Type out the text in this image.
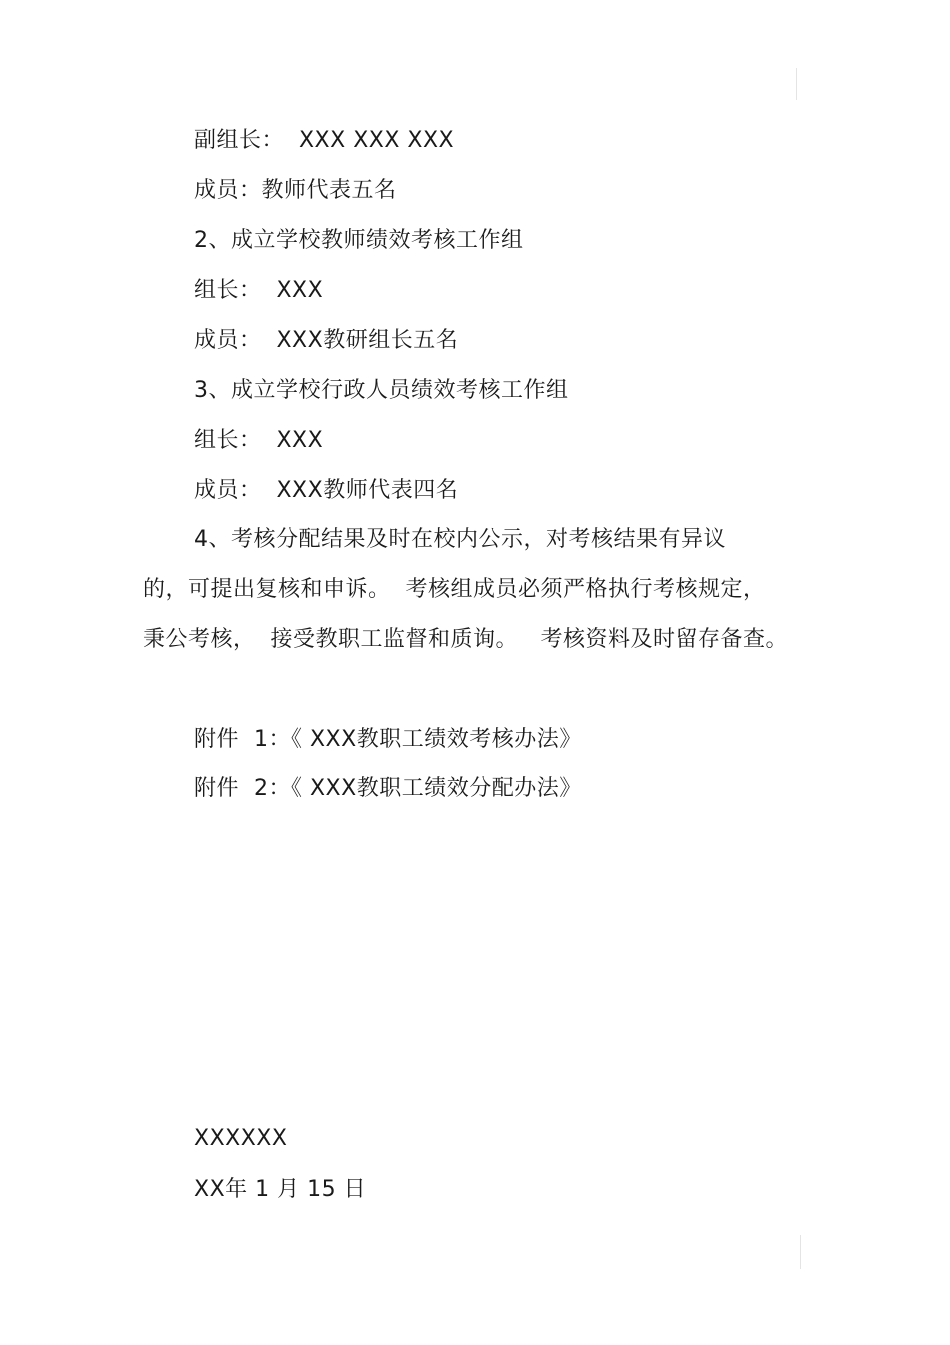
副组长：  XXX XXX XXX
成员：教师代表五名
2、成立学校教师绩效考核工作组
组长：  XXX
成员：  XXX教研组长五名
3、成立学校行政人员绩效考核工作组
组长：  XXX
成员：  XXX教师代表四名
4、考核分配结果及时在校内公示，对考核结果有异议
的，可提出复核和申诉。  考核组成员必须严格执行考核规定，
秉公考核，  接受教职工监督和质询。   考核资料及时留存备查。
附件  1：《 XXX教职工绩效考核办法》
附件  2：《 XXX教职工绩效分配办法》
XXXXXX
XX年 1 月 15 日
